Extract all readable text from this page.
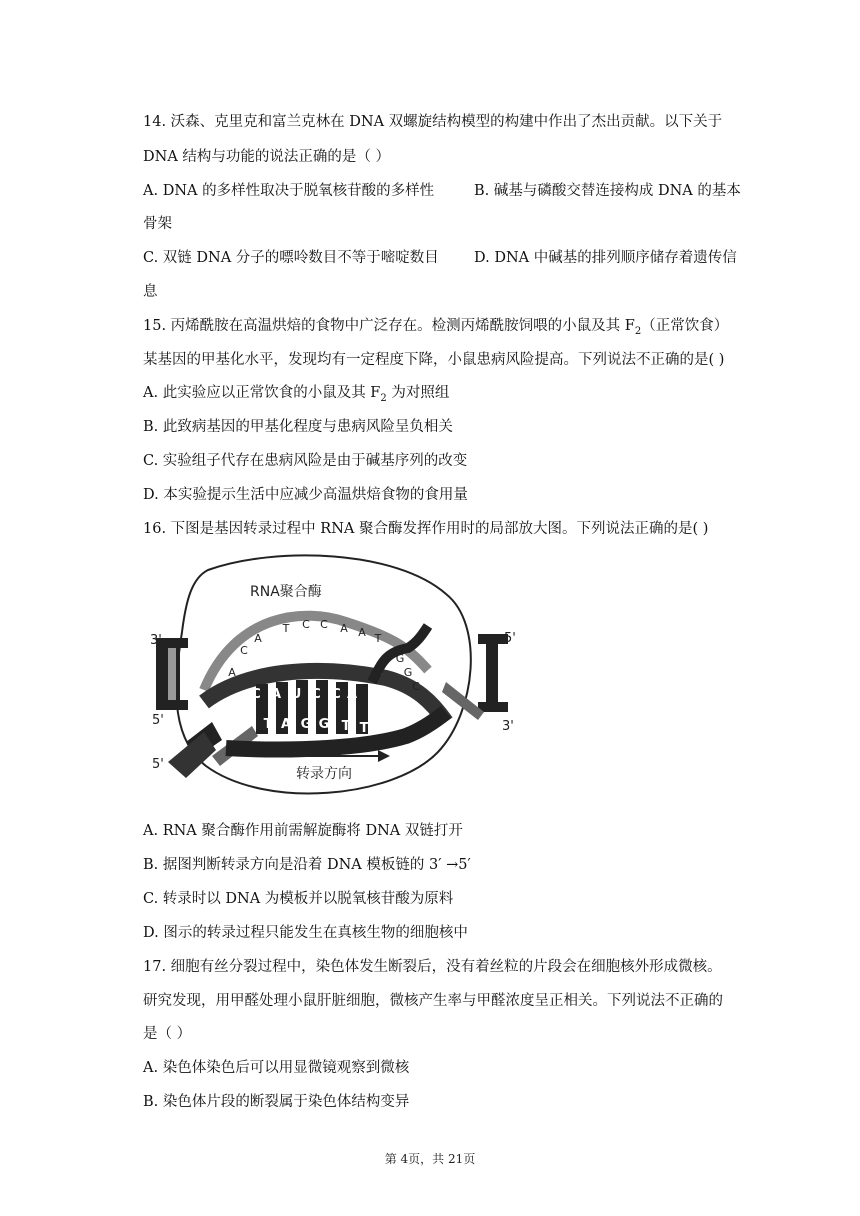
14. 沃森、克里克和富兰克林在 DNA 双螺旋结构模型的构建中作出了杰出贡献。以下关于
DNA 结构与功能的说法正确的是（ ）
A. DNA 的多样性取决于脱氧核苷酸的多样性	B. 碱基与磷酸交替连接构成 DNA 的基本
骨架
C. 双链 DNA 分子的嘌呤数目不等于嘧啶数目 D. DNA 中碱基的排列顺序储存着遗传信
息
15. 丙烯酰胺在高温烘焙的食物中广泛存在。检测丙烯酰胺饲喂的小鼠及其 $F_2$（正常饮食）
某基因的甲基化水平，发现均有一定程度下降，小鼠患病风险提高。下列说法不正确的是( )
A. 此实验应以正常饮食的小鼠及其 $F_2$ 为对照组
B. 此致病基因的甲基化程度与患病风险呈负相关
C. 实验组子代存在患病风险是由于碱基序列的改变
D. 本实验提示生活中应减少高温烘焙食物的食用量
16. 下图是基因转录过程中 RNA 聚合酶发挥作用时的局部放大图。下列说法正确的是( )
A
C
A
T C C A A T
G
G
C
C A U C C A
U
U
T A G G T T
A
A
RNA聚合酶
转录方向
3'
5'
5'
5'
3'
A. RNA 聚合酶作用前需解旋酶将 DNA 双链打开
B. 据图判断转录方向是沿着 DNA 模板链的 3′ →5′
C. 转录时以 DNA 为模板并以脱氧核苷酸为原料
D. 图示的转录过程只能发生在真核生物的细胞核中
17. 细胞有丝分裂过程中，染色体发生断裂后，没有着丝粒的片段会在细胞核外形成微核。
研究发现，用甲醛处理小鼠肝脏细胞，微核产生率与甲醛浓度呈正相关。下列说法不正确的
是（ ）
A. 染色体染色后可以用显微镜观察到微核
B. 染色体片段的断裂属于染色体结构变异
第 4页，共 21页
